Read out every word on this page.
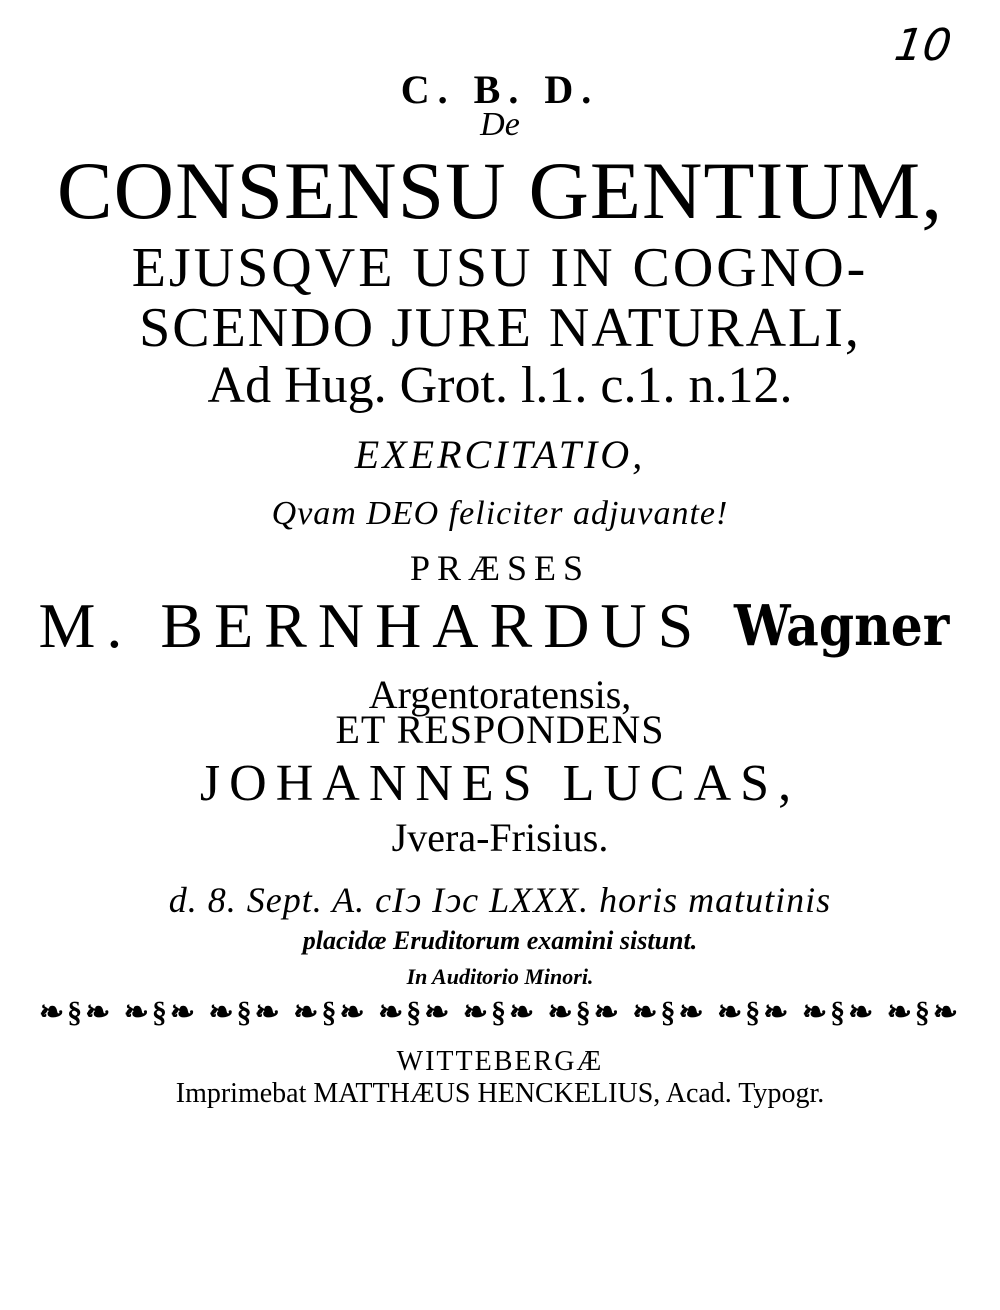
10
C. B. D.
De
CONSENSU GENTIUM,
EJUSQVE USU IN COGNO-
SCENDO JURE NATURALI,
Ad Hug. Grot. l.1. c.1. n.12.
EXERCITATIO,
Qvam DEO feliciter adjuvante!
PRÆSES
M. BERNHARDUS Wagner
Argentoratensis,
ET RESPONDENS
JOHANNES LUCAS,
Jvera-Frisius.
d. 8. Sept. A. cIↄ Iↄc LXXX. horis matutinis
placidæ Eruditorum examini sistunt.
In Auditorio Minori.
❧§❧ ❧§❧ ❧§❧ ❧§❧ ❧§❧ ❧§❧ ❧§❧ ❧§❧ ❧§❧ ❧§❧ ❧§❧
WITTEBERGÆ
Imprimebat MATTHÆUS HENCKELIUS, Acad. Typogr.
